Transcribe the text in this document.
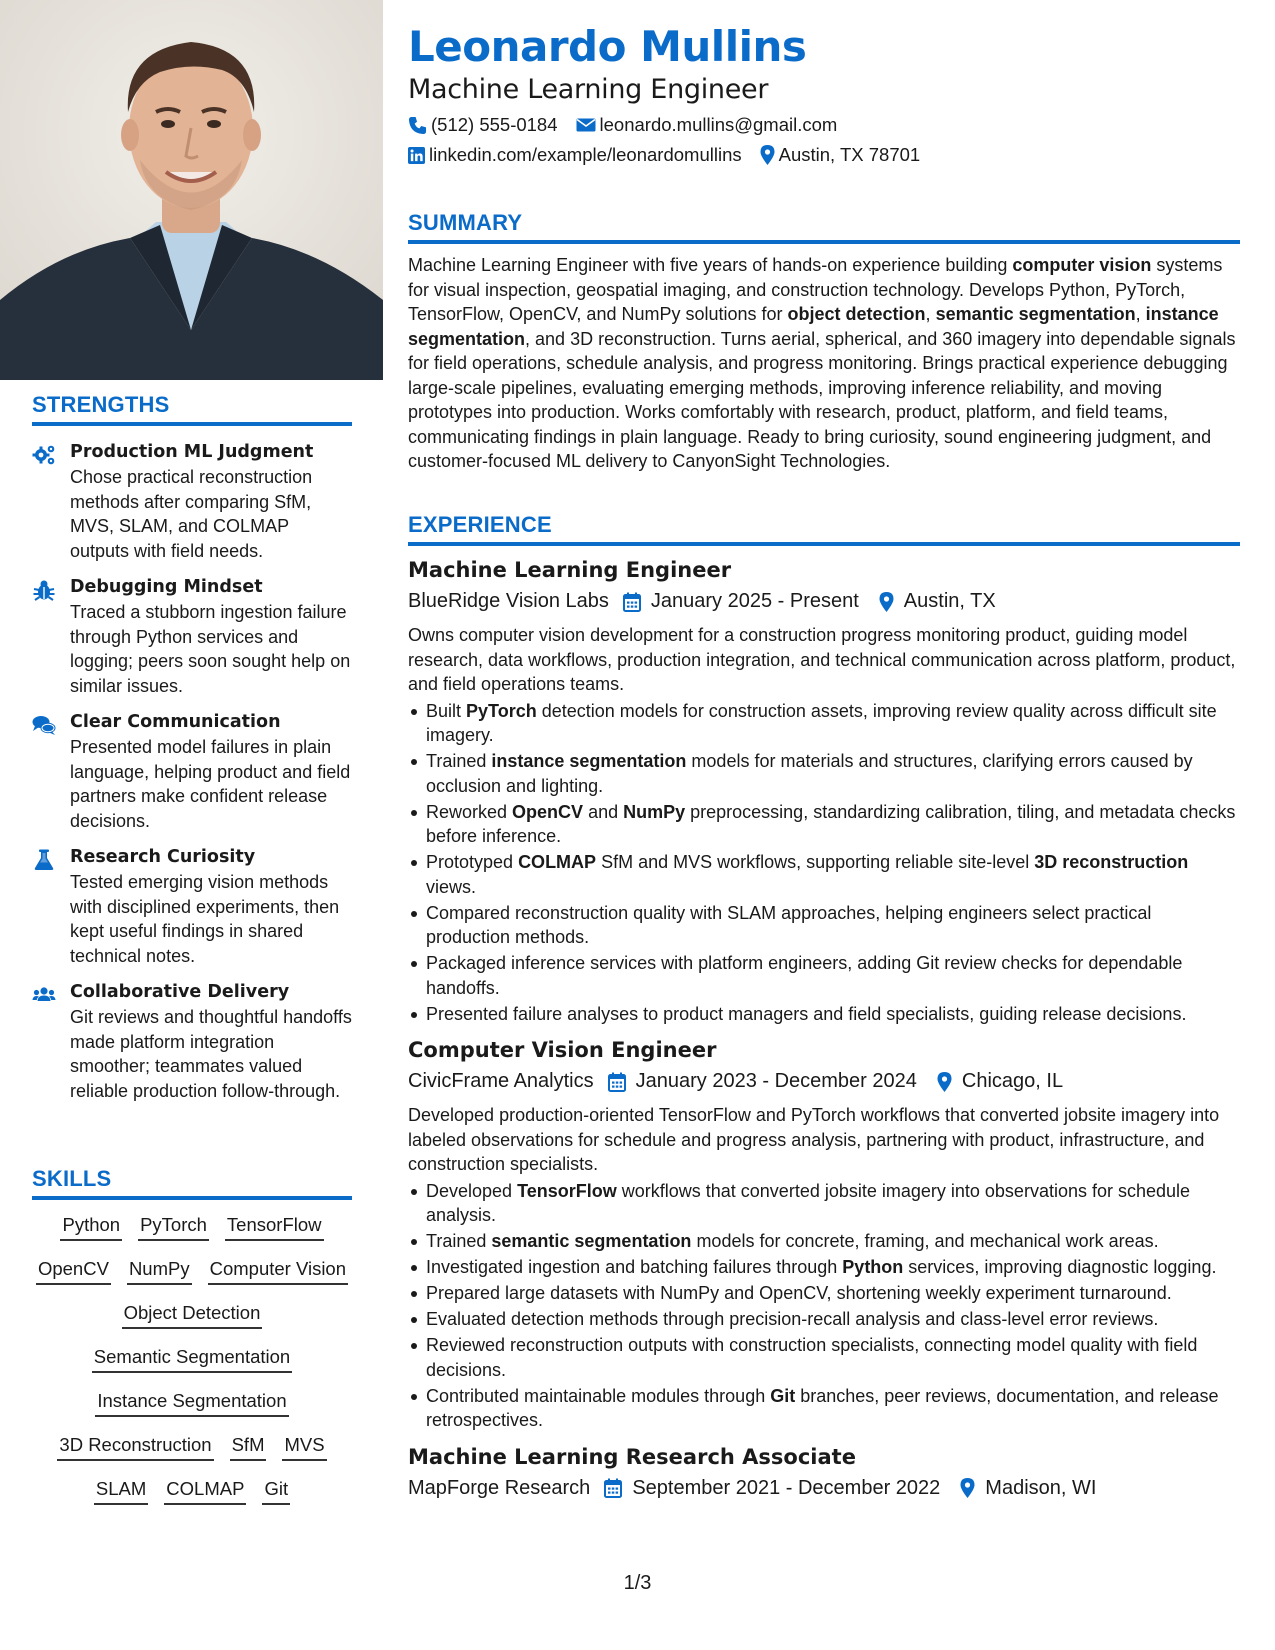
STRENGTHS
Production ML Judgment
Chose practical reconstruction methods after comparing SfM, MVS, SLAM, and COLMAP outputs with field needs.
Debugging Mindset
Traced a stubborn ingestion failure through Python services and logging; peers soon sought help on similar issues.
Clear Communication
Presented model failures in plain language, helping product and field partners make confident release decisions.
Research Curiosity
Tested emerging vision methods with disciplined experiments, then kept useful findings in shared technical notes.
Collaborative Delivery
Git reviews and thoughtful handoffs made platform integration smoother; teammates valued reliable production follow-through.
SKILLS
Python PyTorch TensorFlow
OpenCV NumPy Computer Vision
Object Detection
Semantic Segmentation
Instance Segmentation
3D Reconstruction SfM MVS
SLAM COLMAP Git
Leonardo Mullins
Machine Learning Engineer
(512) 555-0184 leonardo.mullins@gmail.com
linkedin.com/example/leonardomullins Austin, TX 78701
SUMMARY
Machine Learning Engineer with five years of hands-on experience building computer vision systems for visual inspection, geospatial imaging, and construction technology. Develops Python, PyTorch, TensorFlow, OpenCV, and NumPy solutions for object detection, semantic segmentation, instance segmentation, and 3D reconstruction. Turns aerial, spherical, and 360 imagery into dependable signals for field operations, schedule analysis, and progress monitoring. Brings practical experience debugging large-scale pipelines, evaluating emerging methods, improving inference reliability, and moving prototypes into production. Works comfortably with research, product, platform, and field teams, communicating findings in plain language. Ready to bring curiosity, sound engineering judgment, and customer-focused ML delivery to CanyonSight Technologies.
EXPERIENCE
Machine Learning Engineer
BlueRidge Vision Labs January 2025 - Present Austin, TX
Owns computer vision development for a construction progress monitoring product, guiding model research, data workflows, production integration, and technical communication across platform, product, and field operations teams.
Built PyTorch detection models for construction assets, improving review quality across difficult site imagery.
Trained instance segmentation models for materials and structures, clarifying errors caused by occlusion and lighting.
Reworked OpenCV and NumPy preprocessing, standardizing calibration, tiling, and metadata checks before inference.
Prototyped COLMAP SfM and MVS workflows, supporting reliable site-level 3D reconstruction views.
Compared reconstruction quality with SLAM approaches, helping engineers select practical production methods.
Packaged inference services with platform engineers, adding Git review checks for dependable handoffs.
Presented failure analyses to product managers and field specialists, guiding release decisions.
Computer Vision Engineer
CivicFrame Analytics January 2023 - December 2024 Chicago, IL
Developed production-oriented TensorFlow and PyTorch workflows that converted jobsite imagery into labeled observations for schedule and progress analysis, partnering with product, infrastructure, and construction specialists.
Developed TensorFlow workflows that converted jobsite imagery into observations for schedule analysis.
Trained semantic segmentation models for concrete, framing, and mechanical work areas.
Investigated ingestion and batching failures through Python services, improving diagnostic logging.
Prepared large datasets with NumPy and OpenCV, shortening weekly experiment turnaround.
Evaluated detection methods through precision-recall analysis and class-level error reviews.
Reviewed reconstruction outputs with construction specialists, connecting model quality with field decisions.
Contributed maintainable modules through Git branches, peer reviews, documentation, and release retrospectives.
Machine Learning Research Associate
MapForge Research September 2021 - December 2022 Madison, WI
1/3
